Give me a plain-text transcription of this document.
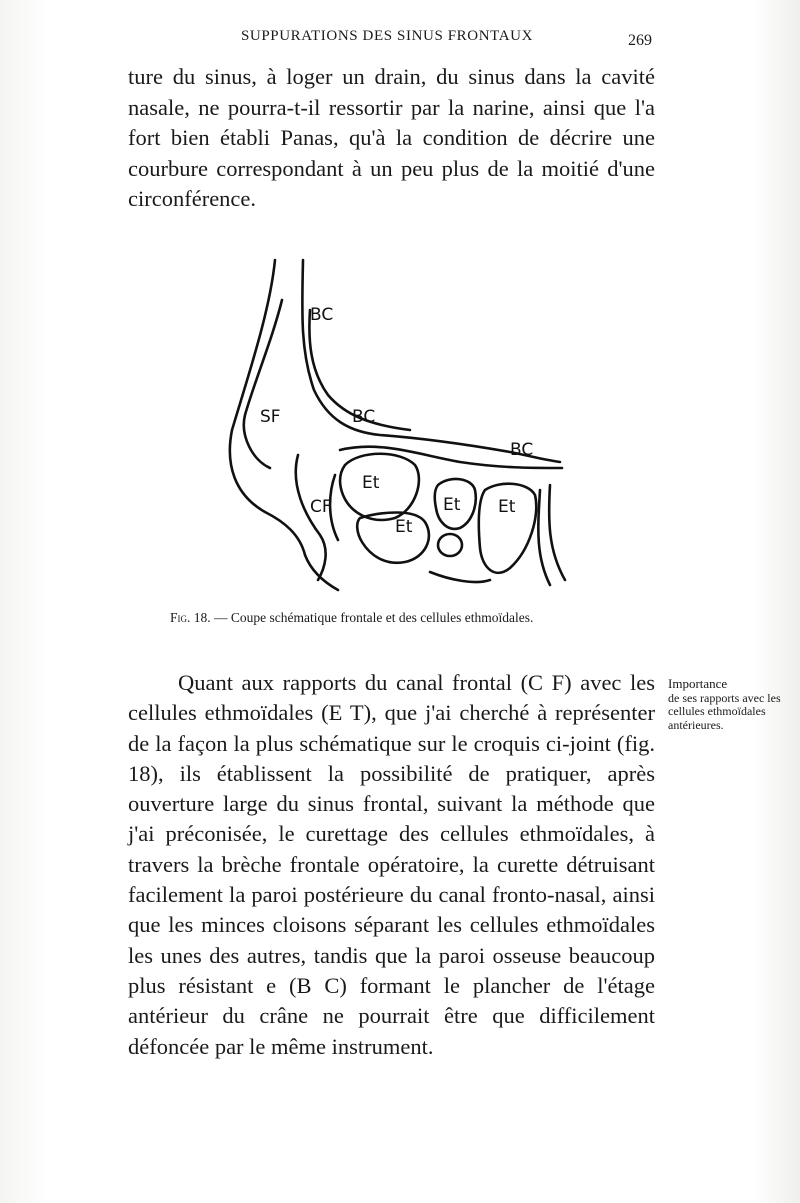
SUPPURATIONS DES SINUS FRONTAUX	269

ture du sinus, à loger un drain, du sinus dans la cavité nasale, ne pourra-t-il ressortir par la narine, ainsi que l'a fort bien établi Panas, qu'à la condition de décrire une courbure correspondant à un peu plus de la moitié d'une circonférence.

BC
SF	BC
BC
Et
CF
Et
Et Et
Fig. 18. — Coupe schématique frontale et des cellules ethmoïdales.

Quant aux rapports du canal frontal (C F) avec les cellules ethmoïdales (E T), que j'ai cherché à représenter de la façon la plus schématique sur le croquis ci-joint (fig. 18), ils établissent la possibilité de pratiquer, après ouverture large du sinus frontal, suivant la méthode que j'ai préconisée, le curettage des cellules ethmoïdales, à travers la brèche frontale opératoire, la curette détruisant facilement la paroi postérieure du canal fronto-nasal, ainsi que les minces cloisons séparant les cellules ethmoïdales les unes des autres, tandis que la paroi osseuse beaucoup plus résistant e (B C) formant le plancher de l'étage antérieur du crâne ne pourrait être que difficilement défoncée par le même instrument.

Importance
de ses rapports avec les cellules ethmoïdales antérieures.
